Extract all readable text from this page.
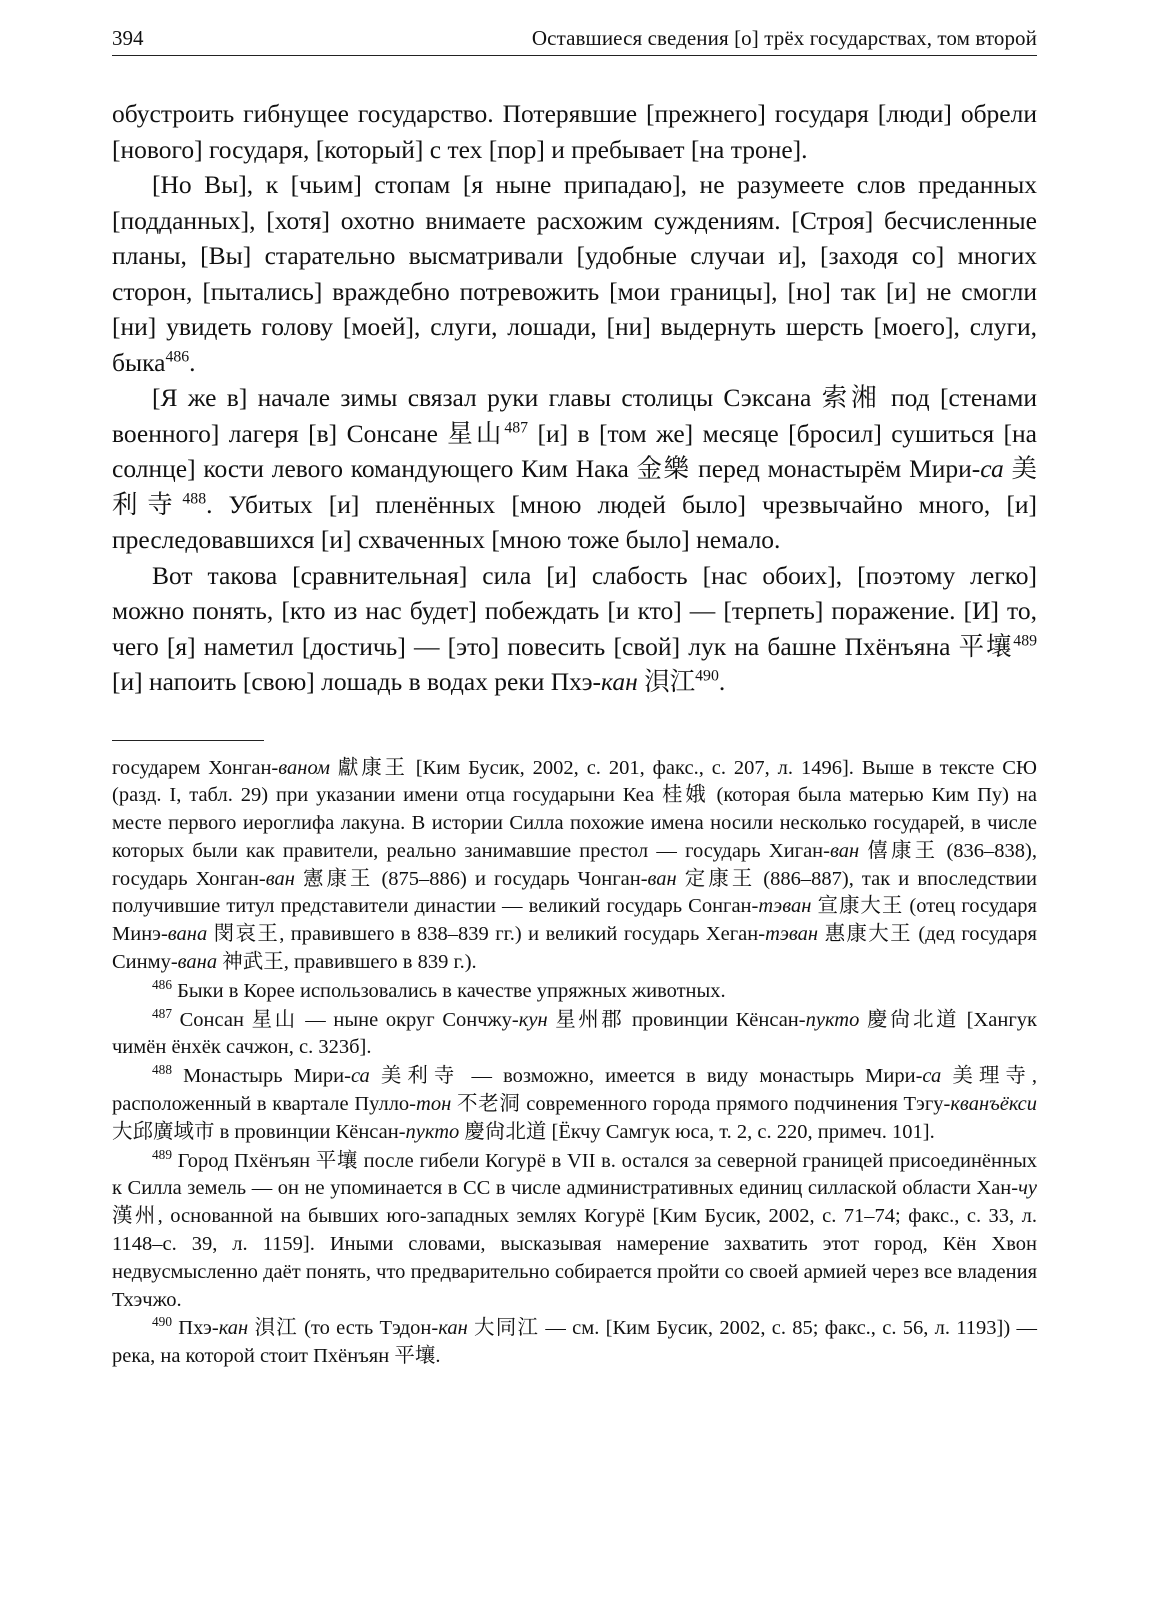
394	Оставшиеся сведения [о] трёх государствах, том второй

обустроить гибнущее государство. Потерявшие [прежнего] государя [люди] обрели [нового] государя, [который] с тех [пор] и пребывает [на троне].

[Но Вы], к [чьим] стопам [я ныне припадаю], не разумеете слов преданных [подданных], [хотя] охотно внимаете расхожим суждениям. [Строя] бесчисленные планы, [Вы] старательно высматривали [удобные случаи и], [заходя со] многих сторон, [пытались] враждебно потревожить [мои границы], [но] так [и] не смогли [ни] увидеть голову [моей], слуги, лошади, [ни] выдернуть шерсть [моего], слуги, быка$^{486}$.

[Я же в] начале зимы связал руки главы столицы Сэксана 索湘 под [стенами военного] лагеря [в] Сонсане 星山$^{487}$ [и] в [том же] месяце [бросил] сушиться [на солнце] кости левого командующего Ким Нака 金樂 перед монастырём Мири-са 美利寺$^{488}$. Убитых [и] пленённых [мною людей было] чрезвычайно много, [и] преследовавшихся [и] схваченных [мною тоже было] немало.

Вот такова [сравнительная] сила [и] слабость [нас обоих], [поэтому легко] можно понять, [кто из нас будет] побеждать [и кто] — [терпеть] поражение. [И] то, чего [я] наметил [достичь] — [это] повесить [свой] лук на башне Пхёнъяна 平壤$^{489}$ [и] напоить [свою] лошадь в водах реки Пхэ-кан 浿江$^{490}$.

государем Хонган-ваном 獻康王 [Ким Бусик, 2002, с. 201, факс., с. 207, л. 1496]. Выше в тексте СЮ (разд. I, табл. 29) при указании имени отца государыни Кеа 桂娥 (которая была матерью Ким Пу) на месте первого иероглифа лакуна. В истории Силла похожие имена носили несколько государей, в числе которых были как правители, реально занимавшие престол — государь Хиган-ван 僖康王 (836–838), государь Хонган-ван 憲康王 (875–886) и государь Чонган-ван 定康王 (886–887), так и впоследствии получившие титул представители династии — великий государь Сонган-тэван 宣康大王 (отец государя Минэ-вана 閔哀王, правившего в 838–839 гг.) и великий государь Хеган-тэван 惠康大王 (дед государя Синму-вана 神武王, правившего в 839 г.).

$^{486}$ Быки в Корее использовались в качестве упряжных животных.

$^{487}$ Сонсан 星山 — ныне округ Сончжу-кун 星州郡 провинции Кёнсан-пукто 慶尙北道 [Хангук чимён ёнхёк сачжон, с. 323б].

$^{488}$ Монастырь Мири-са 美利寺 — возможно, имеется в виду монастырь Мири-са 美理寺, расположенный в квартале Пулло-тон 不老洞 современного города прямого подчинения Тэгу-кванъёкси 大邱廣域市 в провинции Кёнсан-пукто 慶尙北道 [Ёкчу Самгук юса, т. 2, с. 220, примеч. 101].

$^{489}$ Город Пхёнъян 平壤 после гибели Когурё в VII в. остался за северной границей присоединённых к Силла земель — он не упоминается в СС в числе административных единиц силлаской области Хан-чу 漢州, основанной на бывших юго-западных землях Когурё [Ким Бусик, 2002, с. 71–74; факс., с. 33, л. 1148–с. 39, л. 1159]. Иными словами, высказывая намерение захватить этот город, Кён Хвон недвусмысленно даёт понять, что предварительно собирается пройти со своей армией через все владения Тхэчжо.

$^{490}$ Пхэ-кан 浿江 (то есть Тэдон-кан 大同江 — см. [Ким Бусик, 2002, с. 85; факс., с. 56, л. 1193]) — река, на которой стоит Пхёнъян 平壤.
